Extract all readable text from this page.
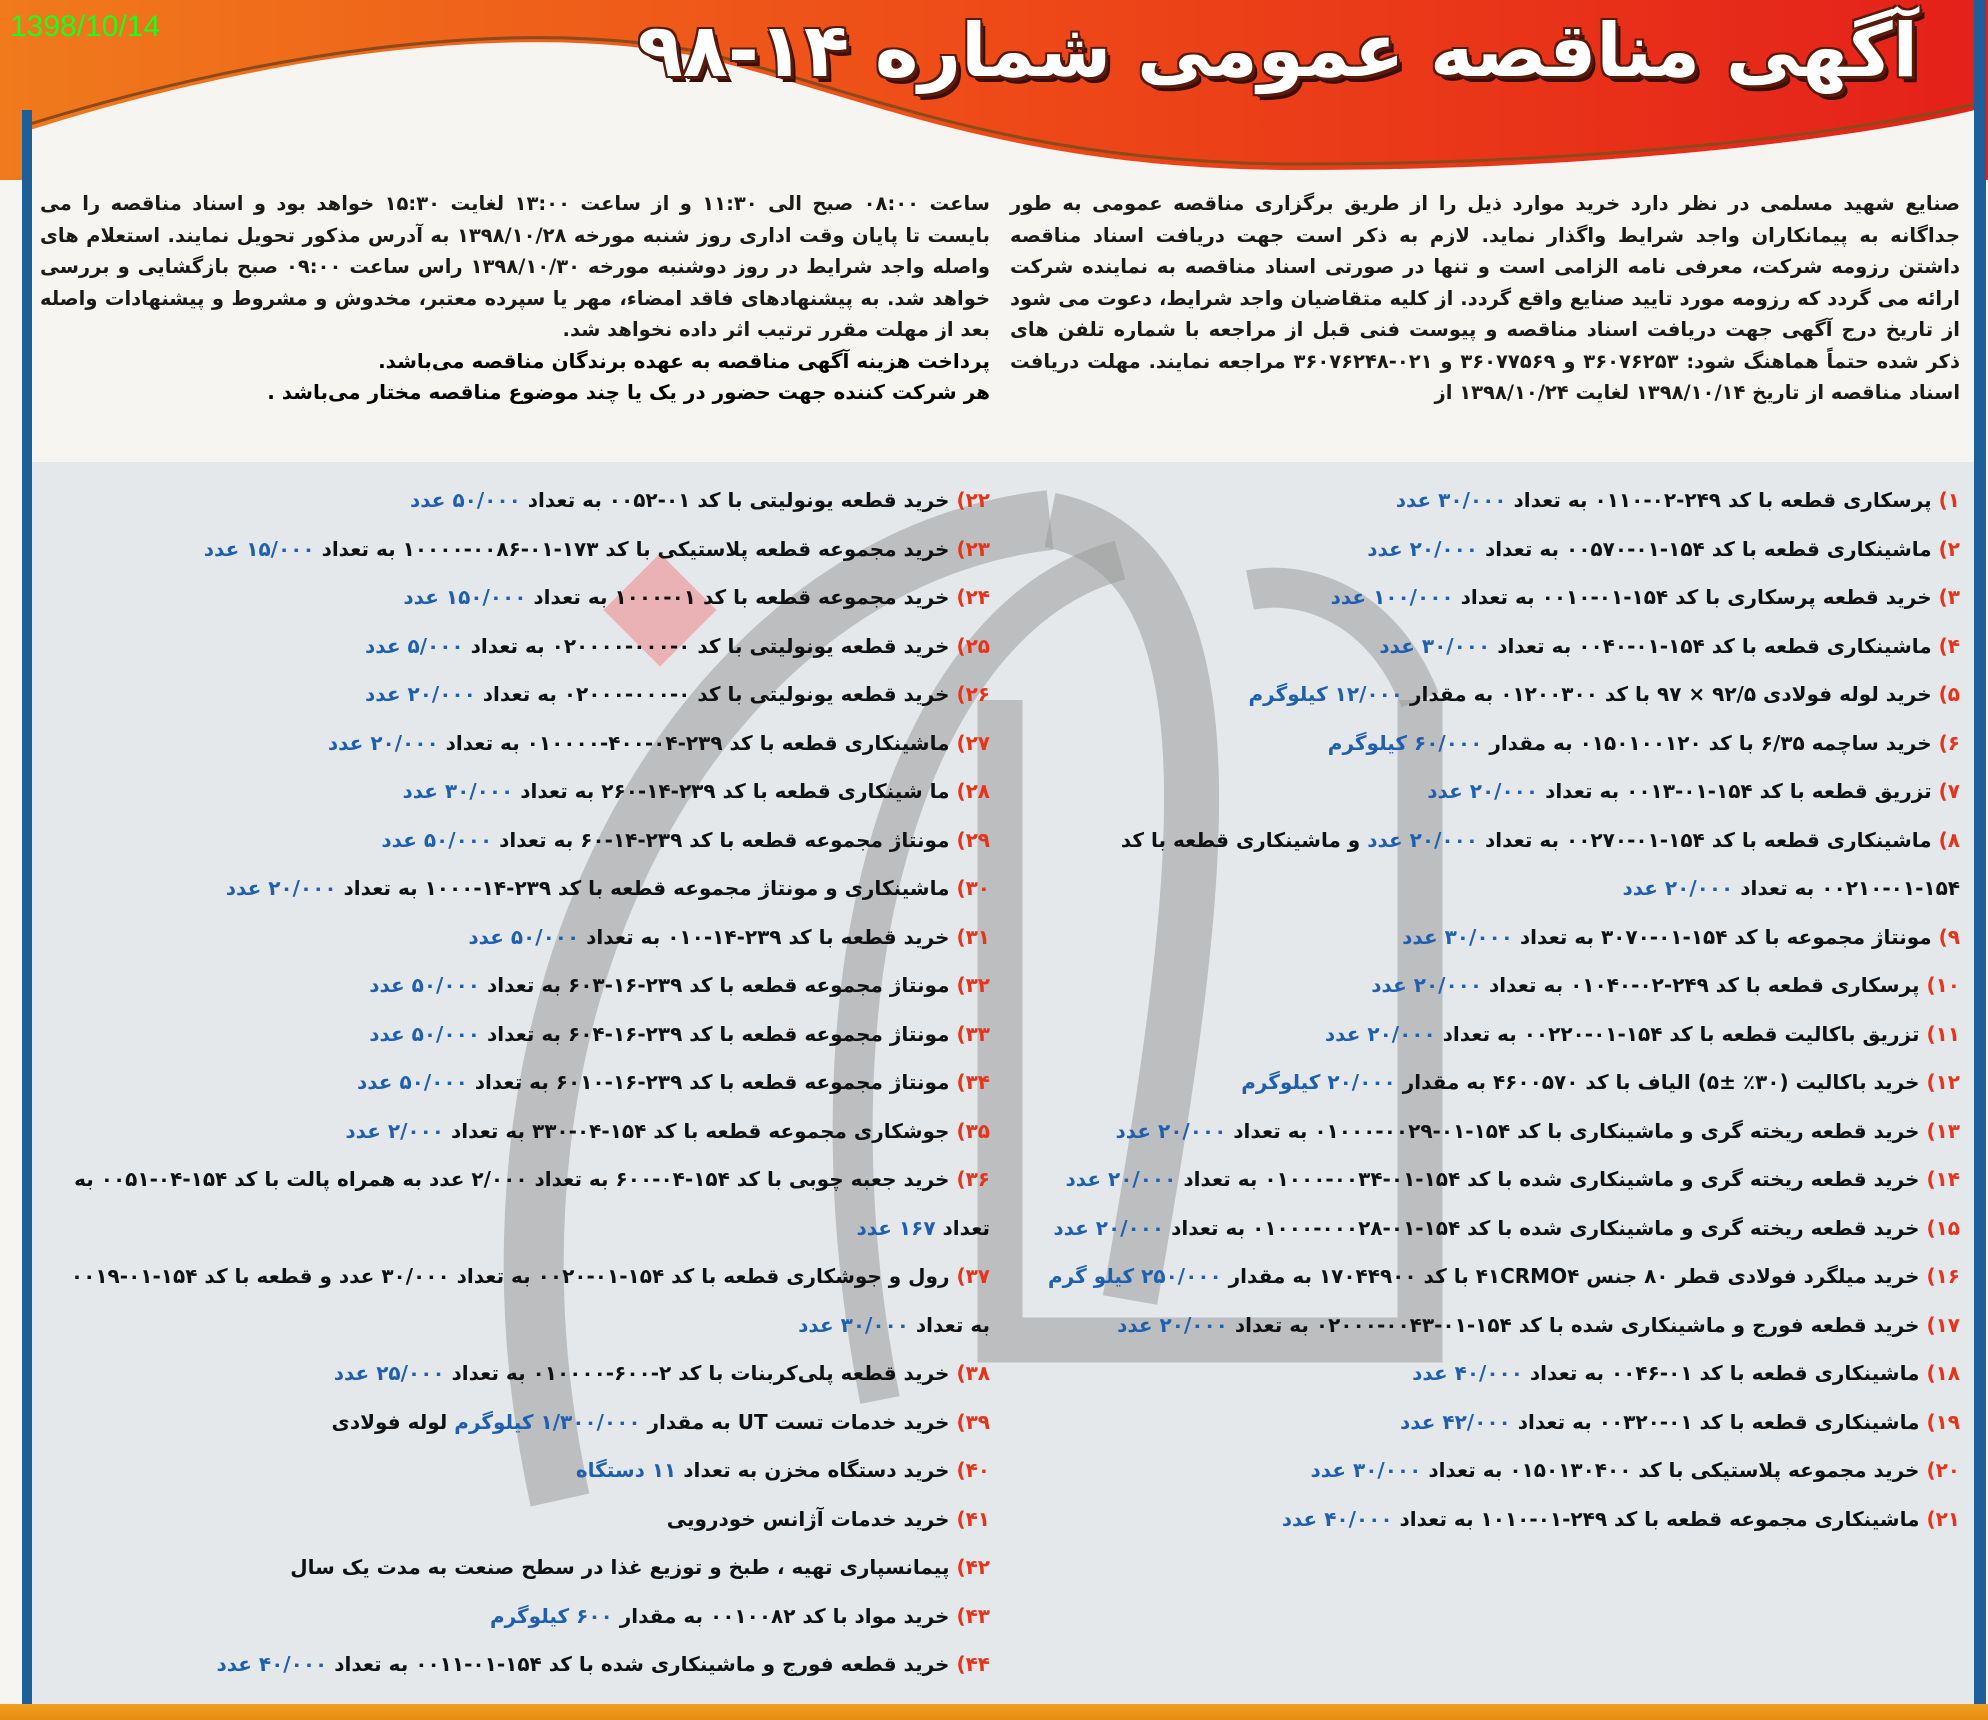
1398/10/14	آگهی مناقصه عمومی شماره ۱۴-۹۸
صنایع شهید مسلمی در نظر دارد خرید موارد ذیل را از طریق برگزاری مناقصه عمومی به طور جداگانه به پیمانکاران واجد شرایط واگذار نماید. لازم به ذکر است جهت دریافت اسناد مناقصه داشتن رزومه شرکت، معرفی نامه الزامی است و تنها در صورتی اسناد مناقصه به نماینده شرکت ارائه می گردد که رزومه مورد تایید صنایع واقع گردد. از کلیه متقاضیان واجد شرایط، دعوت می شود از تاریخ درج آگهی جهت دریافت اسناد مناقصه و پیوست فنی قبل از مراجعه با شماره تلفن های ذکر شده حتماً هماهنگ شود: ۳۶۰۷۶۲۵۳ و ۳۶۰۷۷۵۶۹ و ۰۲۱-۳۶۰۷۶۲۴۸ مراجعه نمایند. مهلت دریافت اسناد مناقصه از تاریخ ۱۳۹۸/۱۰/۱۴ لغایت ۱۳۹۸/۱۰/۲۴ از
ساعت ۰۸:۰۰ صبح الی ۱۱:۳۰ و از ساعت ۱۳:۰۰ لغایت ۱۵:۳۰ خواهد بود و اسناد مناقصه را می بایست تا پایان وقت اداری روز شنبه مورخه ۱۳۹۸/۱۰/۲۸ به آدرس مذکور تحویل نمایند. استعلام های واصله واجد شرایط در روز دوشنبه مورخه ۱۳۹۸/۱۰/۳۰ راس ساعت ۰۹:۰۰ صبح بازگشایی و بررسی خواهد شد. به پیشنهادهای فاقد امضاء، مهر یا سپرده معتبر، مخدوش و مشروط و پیشنهادات واصله بعد از مهلت مقرر ترتیب اثر داده نخواهد شد.
پرداخت هزینه آگهی مناقصه به عهده برندگان مناقصه می‌باشد.
هر شرکت کننده جهت حضور در یک یا چند موضوع مناقصه مختار می‌باشد .
۱) پرسکاری قطعه با کد ۲۴۹-۰۲-۰۱۱۰ به تعداد ۳۰/۰۰۰ عدد
۲) ماشینکاری قطعه با کد ۱۵۴-۰۱-۰۰۵۷۰ به تعداد ۲۰/۰۰۰ عدد
۳) خرید قطعه پرسکاری با کد ۱۵۴-۰۱-۰۰۱۰ به تعداد ۱۰۰/۰۰۰ عدد
۴) ماشینکاری قطعه با کد ۱۵۴-۰۱-۰۰۴۰ به تعداد ۳۰/۰۰۰ عدد
۵) خرید لوله فولادی ۹۲/۵ × ۹۷ با کد ۰۱۲۰۰۳۰۰ به مقدار ۱۲/۰۰۰ کیلوگرم
۶) خرید ساچمه ۶/۳۵ با کد ۰۱۵۰۱۰۰۱۲۰ به مقدار ۶۰/۰۰۰ کیلوگرم
۷) تزریق قطعه با کد ۱۵۴-۰۱-۰۰۱۳ به تعداد ۲۰/۰۰۰ عدد
۸) ماشینکاری قطعه با کد ۱۵۴-۰۱-۰۰۲۷۰ به تعداد ۲۰/۰۰۰ عدد و ماشینکاری قطعه با کد ۱۵۴-۰۱-۰۰۲۱۰ به تعداد ۲۰/۰۰۰ عدد
۹) مونتاژ مجموعه با کد ۱۵۴-۰۱-۳۰۷۰ به تعداد ۳۰/۰۰۰ عدد
۱۰) پرسکاری قطعه با کد ۲۴۹-۰۲-۰۱۰۴۰ به تعداد ۲۰/۰۰۰ عدد
۱۱) تزریق باکالیت قطعه با کد ۱۵۴-۰۱-۰۰۲۲۰ به تعداد ۲۰/۰۰۰ عدد
۱۲) خرید باکالیت (۳۰٪ ±۵) الیاف با کد ۴۶۰۰۵۷۰ به مقدار ۲۰/۰۰۰ کیلوگرم
۱۳) خرید قطعه ریخته گری و ماشینکاری با کد ۱۵۴-۰۱-۰۰۲۹-۰۱۰۰۰ به تعداد ۲۰/۰۰۰ عدد
۱۴) خرید قطعه ریخته گری و ماشینکاری شده با کد ۱۵۴-۰۱-۰۰۳۴-۰۱۰۰۰ به تعداد ۲۰/۰۰۰ عدد
۱۵) خرید قطعه ریخته گری و ماشینکاری شده با کد ۱۵۴-۰۱-۰۰۰۲۸-۰۱۰۰۰ به تعداد ۲۰/۰۰۰ عدد
۱۶) خرید میلگرد فولادی قطر ۸۰ جنس ۴۱CRMO۴ با کد ۱۷۰۴۴۹۰۰ به مقدار ۲۵۰/۰۰۰ کیلو گرم
۱۷) خرید قطعه فورج و ماشینکاری شده با کد ۱۵۴-۰۱-۰۰۴۳-۰۲۰۰۰ به تعداد ۲۰/۰۰۰ عدد
۱۸) ماشینکاری قطعه با کد ۰۱-۰۰۴۶ به تعداد ۴۰/۰۰۰ عدد
۱۹) ماشینکاری قطعه با کد ۰۱-۰۰۳۲۰ به تعداد ۴۲/۰۰۰ عدد
۲۰) خرید مجموعه پلاستیکی با کد ۰۱۵۰۱۳۰۴۰۰ به تعداد ۳۰/۰۰۰ عدد
۲۱) ماشینکاری مجموعه قطعه با کد ۲۴۹-۰۱-۱۰۱۰ به تعداد ۴۰/۰۰۰ عدد
۲۲) خرید قطعه یونولیتی با کد ۰۱-۰۰۵۲ به تعداد ۵۰/۰۰۰ عدد
۲۳) خرید مجموعه قطعه پلاستیکی با کد ۱۷۳-۰۱-۰۰۸۶-۱۰۰۰۰ به تعداد ۱۵/۰۰۰ عدد
۲۴) خرید مجموعه قطعه با کد ۰۱-۱۰۰۰ به تعداد ۱۵۰/۰۰۰ عدد
۲۵) خرید قطعه یونولیتی با کد ۰-۰۰۰-۰۲۰۰۰۰ به تعداد ۵/۰۰۰ عدد
۲۶) خرید قطعه یونولیتی با کد ۰-۰۰۰-۰۲۰۰۰ به تعداد ۲۰/۰۰۰ عدد
۲۷) ماشینکاری قطعه با کد ۲۳۹-۰۴-۴۰۰-۰۱۰۰۰۰ به تعداد ۲۰/۰۰۰ عدد
۲۸) ما شینکاری قطعه با کد ۲۳۹-۱۴-۲۶۰ به تعداد ۳۰/۰۰۰ عدد
۲۹) مونتاژ مجموعه قطعه با کد ۲۳۹-۱۴-۶۰ به تعداد ۵۰/۰۰۰ عدد
۳۰) ماشینکاری و مونتاژ مجموعه قطعه با کد ۲۳۹-۱۴-۱۰۰۰ به تعداد ۲۰/۰۰۰ عدد
۳۱) خرید قطعه با کد ۲۳۹-۱۴-۰۱۰ به تعداد ۵۰/۰۰۰ عدد
۳۲) مونتاژ مجموعه قطعه با کد ۲۳۹-۱۶-۶۰۳ به تعداد ۵۰/۰۰۰ عدد
۳۳) مونتاژ مجموعه قطعه با کد ۲۳۹-۱۶-۶۰۴ به تعداد ۵۰/۰۰۰ عدد
۳۴) مونتاژ مجموعه قطعه با کد ۲۳۹-۱۶-۶۰۱۰ به تعداد ۵۰/۰۰۰ عدد
۳۵) جوشکاری مجموعه قطعه با کد ۱۵۴-۰۴-۳۳۰ به تعداد ۲/۰۰۰ عدد
۳۶) خرید جعبه چوبی با کد ۱۵۴-۰۴-۶۰۰ به تعداد ۲/۰۰۰ عدد به همراه پالت با کد ۱۵۴-۰۴-۰۰۵۱ به تعداد ۱۶۷ عدد
۳۷) رول و جوشکاری قطعه با کد ۱۵۴-۰۱-۰۰۲۰ به تعداد ۳۰/۰۰۰ عدد و قطعه با کد ۱۵۴-۰۱-۰۰۱۹ به تعداد ۳۰/۰۰۰ عدد
۳۸) خرید قطعه پلی‌کربنات با کد ۲-۶۰۰-۰۱۰۰۰۰ به تعداد ۲۵/۰۰۰ عدد
۳۹) خرید خدمات تست UT به مقدار ۱/۳۰۰/۰۰۰ کیلوگرم لوله فولادی
۴۰) خرید دستگاه مخزن به تعداد ۱۱ دستگاه
۴۱) خرید خدمات آژانس خودرویی
۴۲) پیمانسپاری تهیه ، طبخ و توزیع غذا در سطح صنعت به مدت یک سال
۴۳) خرید مواد با کد ۰۰۱۰۰۸۲ به مقدار ۶۰۰ کیلوگرم
۴۴) خرید قطعه فورج و ماشینکاری شده با کد ۱۵۴-۰۱-۰۰۱۱ به تعداد ۴۰/۰۰۰ عدد
